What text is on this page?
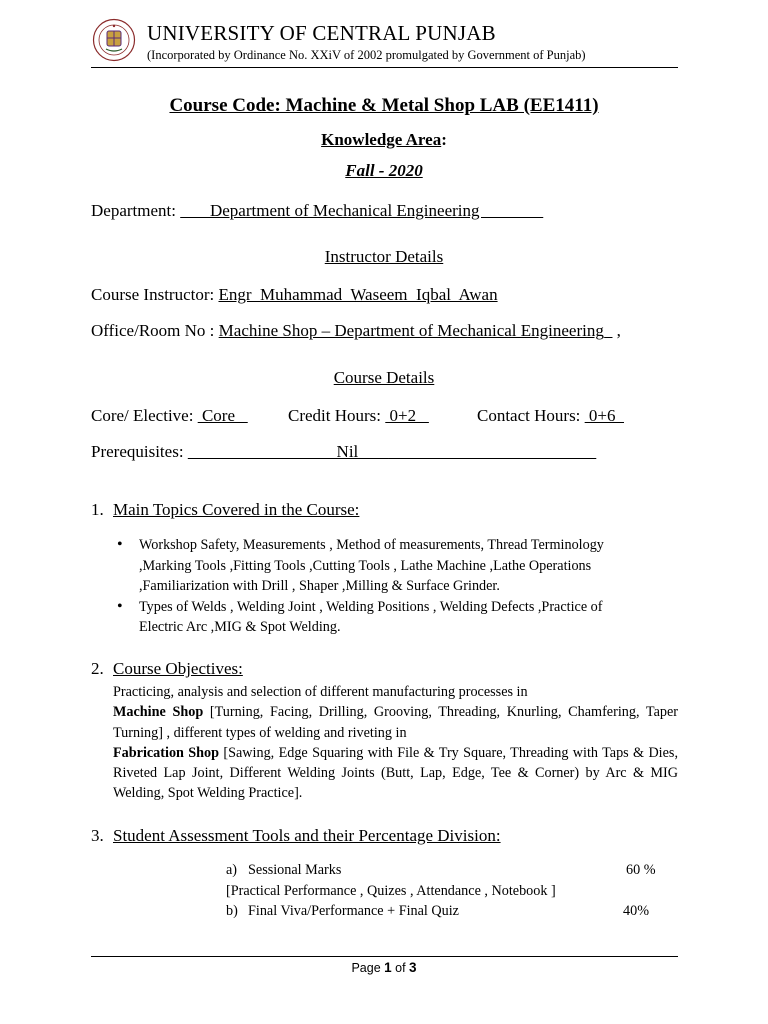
UNIVERSITY OF CENTRAL PUNJAB
(Incorporated by Ordinance No. XXiV of 2002 promulgated by Government of Punjab)
Course Code: Machine & Metal Shop LAB (EE1411)
Knowledge Area:
Fall - 2020
Department:        Department of Mechanical Engineering
Instructor Details
Course Instructor: Engr  Muhammad  Waseem  Iqbal  Awan
Office/Room No : Machine Shop – Department of Mechanical Engineering_ ,
Course Details
Core/ Elective:  Core Credit Hours:  0+2	Contact Hours:  0+6
Prerequisites:                                    Nil
1. Main Topics Covered in the Course:
• Workshop Safety, Measurements , Method of measurements, Thread Terminology ,Marking Tools ,Fitting Tools ,Cutting Tools , Lathe Machine ,Lathe Operations ,Familiarization with Drill , Shaper ,Milling & Surface Grinder.
• Types of Welds , Welding Joint , Welding Positions , Welding Defects ,Practice of Electric Arc ,MIG & Spot Welding.
2. Course Objectives:
Practicing, analysis and selection of different manufacturing processes in
Machine Shop [Turning, Facing, Drilling, Grooving, Threading, Knurling, Chamfering, Taper Turning] , different types of welding and riveting in
Fabrication Shop [Sawing, Edge Squaring with File & Try Square, Threading with Taps & Dies, Riveted Lap Joint, Different Welding Joints (Butt, Lap, Edge, Tee & Corner) by Arc & MIG Welding, Spot Welding Practice].
3. Student Assessment Tools and their Percentage Division:
a) Sessional Marks	60 %
[Practical Performance , Quizes , Attendance , Notebook ]
b) Final Viva/Performance + Final Quiz	40%
Page 1 of 3
